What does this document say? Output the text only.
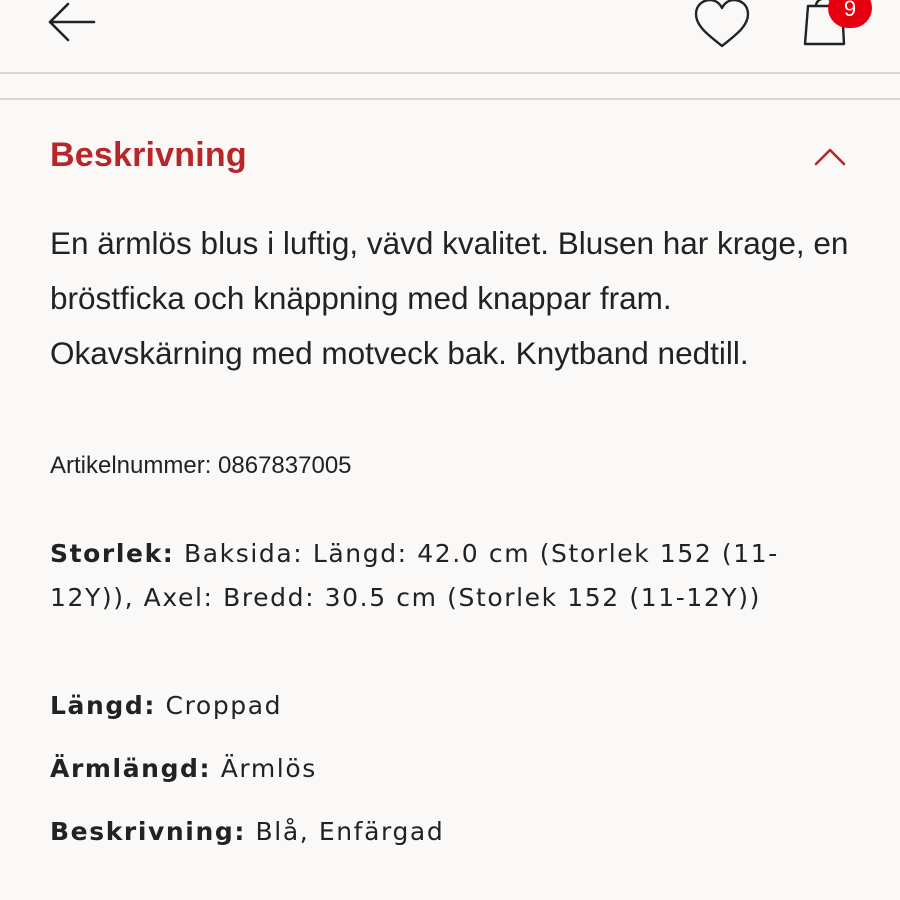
9
Beskrivning
En ärmlös blus i luftig, vävd kvalitet. Blusen har krage, en bröstficka och knäppning med knappar fram. Okavskärning med motveck bak. Knytband nedtill.
Artikelnummer: 0867837005
Storlek: Baksida: Längd: 42.0 cm (Storlek 152 (11-12Y)), Axel: Bredd: 30.5 cm (Storlek 152 (11-12Y))
Längd: Croppad
Ärmlängd: Ärmlös
Beskrivning: Blå, Enfärgad
